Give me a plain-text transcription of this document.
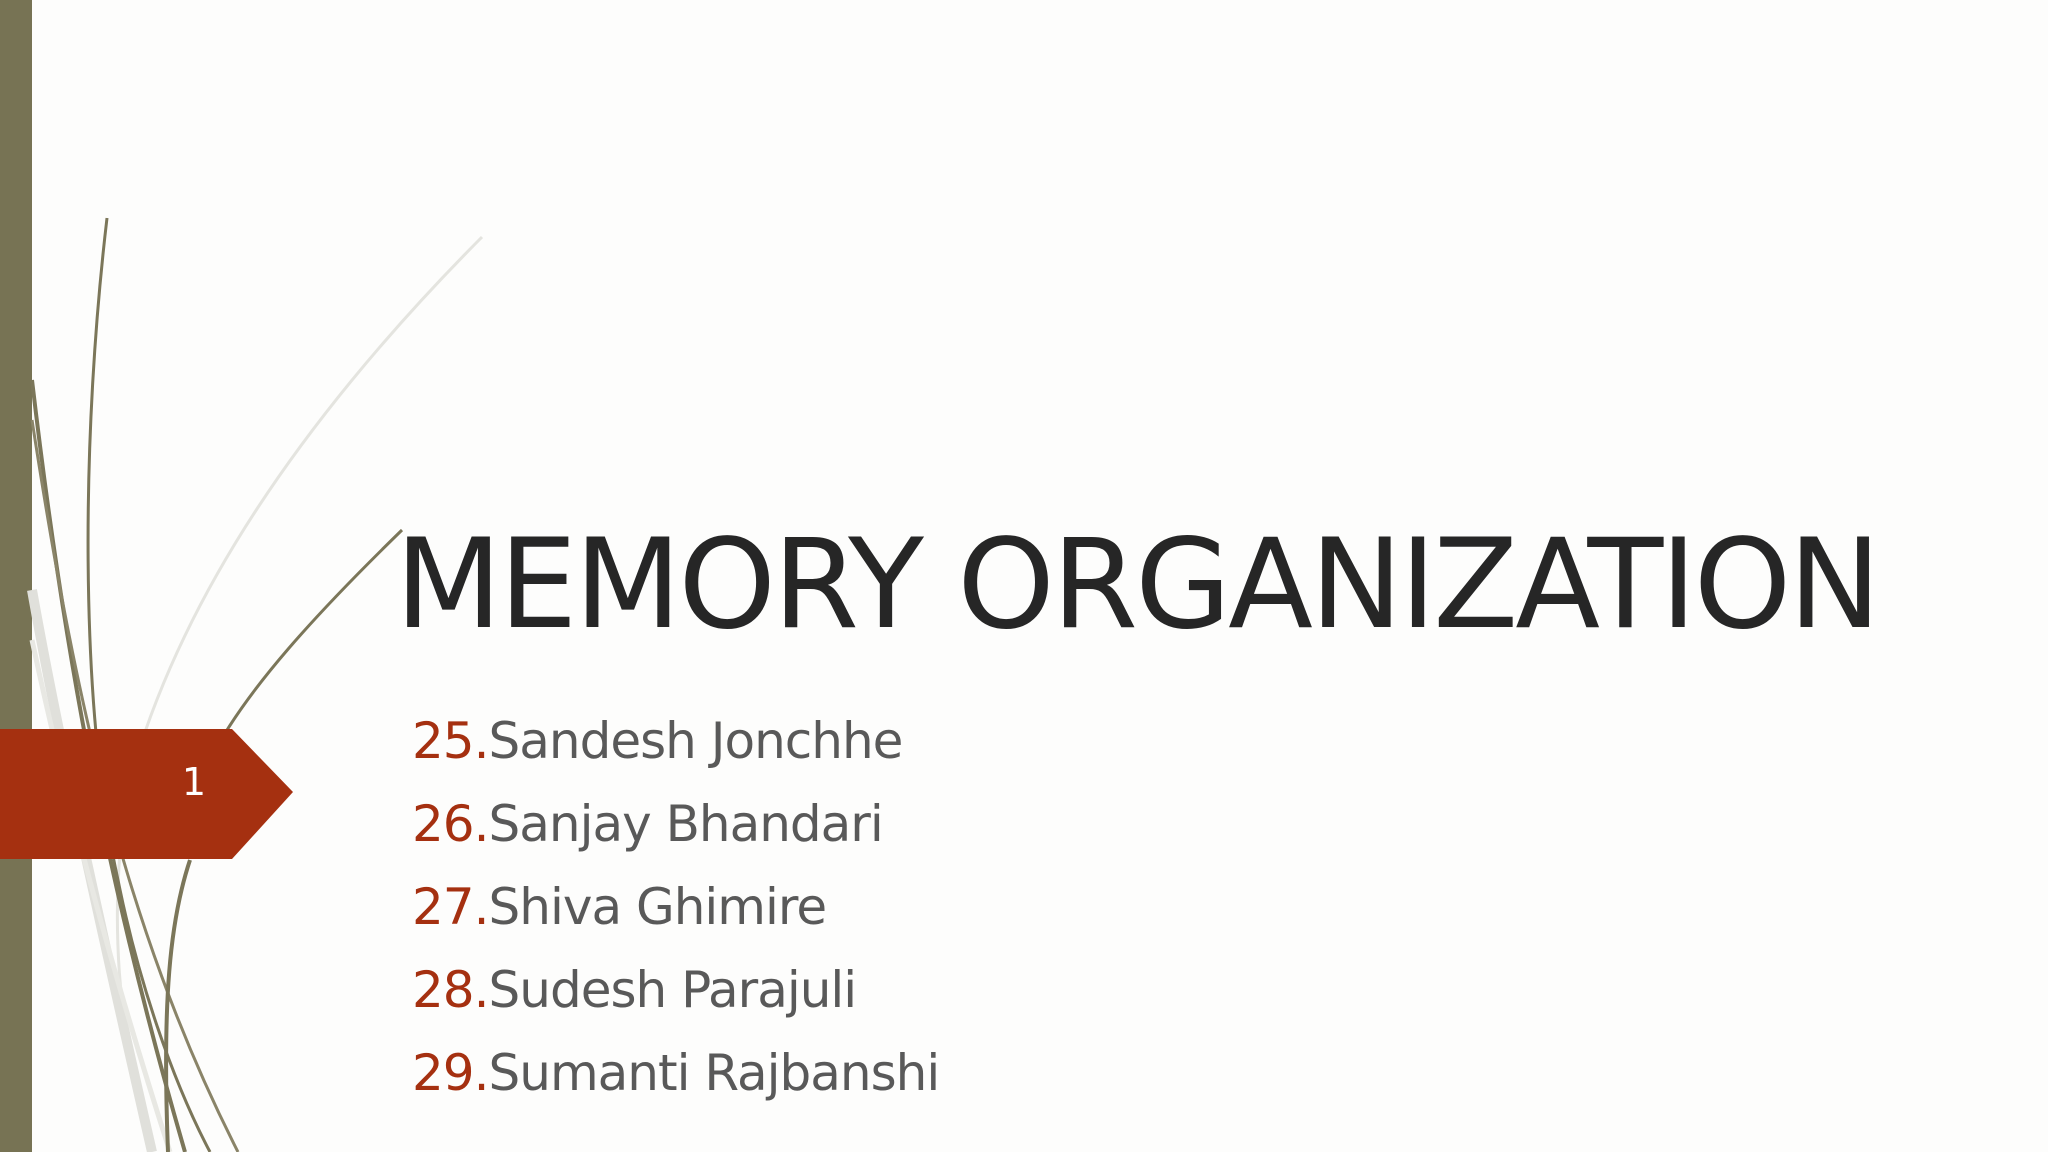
1
MEMORY ORGANIZATION
25.Sandesh Jonchhe
26.Sanjay Bhandari
27.Shiva Ghimire
28.Sudesh Parajuli
29.Sumanti Rajbanshi
